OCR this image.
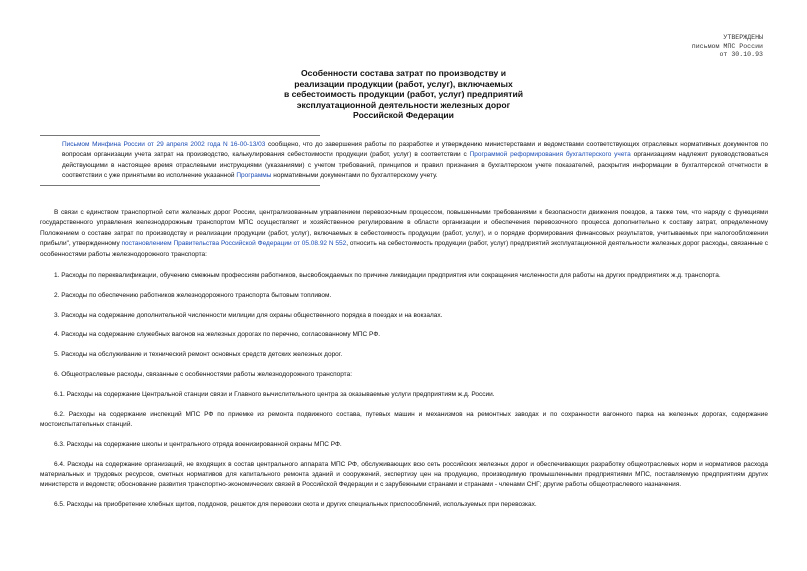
УТВЕРЖДЕНЫ
письмом МПС России
от 30.10.93
Особенности состава затрат по производству и
реализации продукции (работ, услуг), включаемых
в себестоимость продукции (работ, услуг) предприятий
эксплуатационной деятельности железных дорог
Российской Федерации
Письмом Минфина России от 29 апреля 2002 года N 16-00-13/03 сообщено, что до завершения работы по разработке и утверждению министерствами и ведомствами соответствующих отраслевых нормативных документов по вопросам организации учета затрат на производство, калькулирования себестоимости продукции (работ, услуг) в соответствии с Программой реформирования бухгалтерского учета организациям надлежит руководствоваться действующими в настоящее время отраслевыми инструкциями (указаниями) с учетом требований, принципов и правил признания в бухгалтерском учете показателей, раскрытия информации в бухгалтерской отчетности в соответствии с уже принятыми во исполнение указанной Программы нормативными документами по бухгалтерскому учету.
В связи с единством транспортной сети железных дорог России, централизованным управлением перевозочным процессом, повышенными требованиями к безопасности движения поездов, а также тем, что наряду с функциями государственного управления железнодорожным транспортом МПС осуществляет и хозяйственное регулирование в области организации и обеспечения перевозочного процесса дополнительно к составу затрат, определенному Положением о составе затрат по производству и реализации продукции (работ, услуг), включаемых в себестоимость продукции (работ, услуг), и о порядке формирования финансовых результатов, учитываемых при налогообложении прибыли", утвержденному постановлением Правительства Российской Федерации от 05.08.92 N 552, относить на себестоимость продукции (работ, услуг) предприятий эксплуатационной деятельности железных дорог расходы, связанные с особенностями работы железнодорожного транспорта:
1. Расходы по переквалификации, обучению смежным профессиям работников, высвобождаемых по причине ликвидации предприятия или сокращения численности для работы на других предприятиях ж.д. транспорта.
2. Расходы по обеспечению работников железнодорожного транспорта бытовым топливом.
3. Расходы на содержание дополнительной численности милиции для охраны общественного порядка в поездах и на вокзалах.
4. Расходы на содержание служебных вагонов на железных дорогах по перечню, согласованному МПС РФ.
5. Расходы на обслуживание и технический ремонт основных средств детских железных дорог.
6. Общеотраслевые расходы, связанные с особенностями работы железнодорожного транспорта:
6.1. Расходы на содержание Центральной станции связи и Главного вычислительного центра за оказываемые услуги предприятиям ж.д. России.
6.2. Расходы на содержание инспекций МПС РФ по приемке из ремонта подвижного состава, путевых машин и механизмов на ремонтных заводах и по сохранности вагонного парка на железных дорогах, содержание мостоиспытательных станций.
6.3. Расходы на содержание школы и центрального отряда военизированной охраны МПС РФ.
6.4. Расходы на содержание организаций, не входящих в состав центрального аппарата МПС РФ, обслуживающих всю сеть российских железных дорог и обеспечивающих разработку общеотраслевых норм и нормативов расхода материальных и трудовых ресурсов, сметных нормативов для капитального ремонта зданий и сооружений, экспертизу цен на продукцию, производимую промышленными предприятиями МПС, поставляемую предприятиям других министерств и ведомств; обоснование развития транспортно-экономических связей в Российской Федерации и с зарубежными странами и странами - членами СНГ; другие работы общеотраслевого назначения.
6.5. Расходы на приобретение хлебных щитов, поддонов, решеток для перевозки скота и других специальных приспособлений, используемых при перевозках.
